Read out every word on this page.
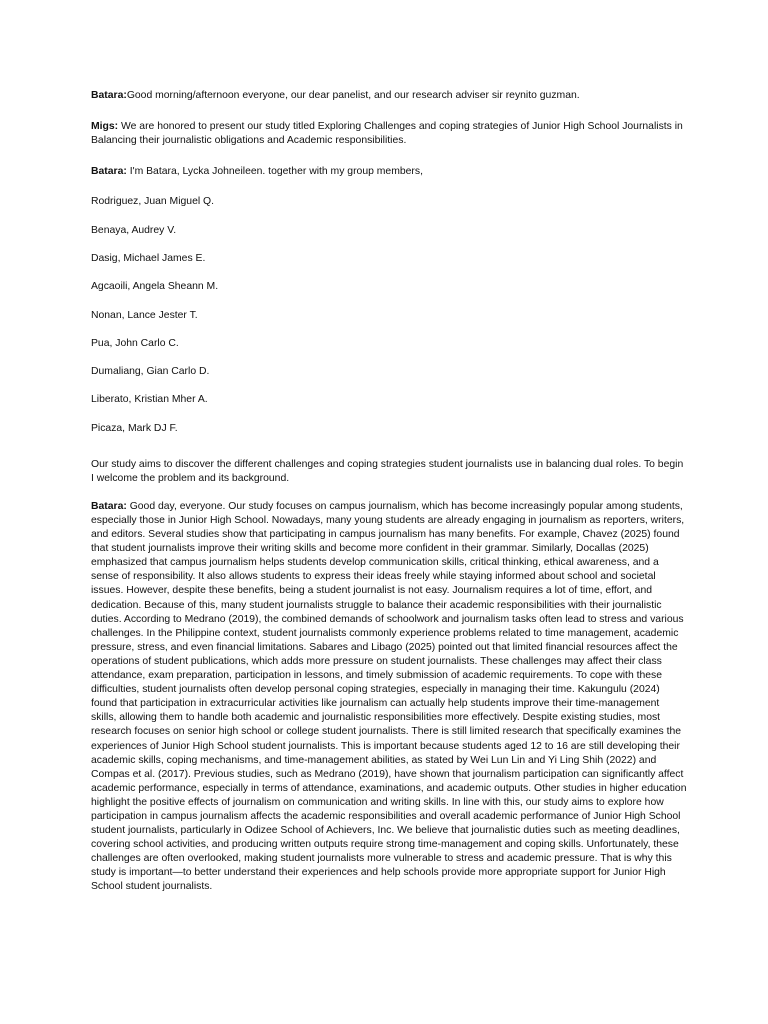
Batara:Good morning/afternoon everyone, our dear panelist, and our research adviser sir reynito guzman.

Migs: We are honored to present our study titled Exploring Challenges and coping strategies of Junior High School Journalists in Balancing their journalistic obligations and Academic responsibilities.

Batara: I'm Batara, Lycka Johneileen. together with my group members,

Rodriguez, Juan Miguel Q.
Benaya, Audrey V.
Dasig, Michael James E.
Agcaoili, Angela Sheann M.
Nonan, Lance Jester T.
Pua, John Carlo C.
Dumaliang, Gian Carlo D.
Liberato, Kristian Mher A.
Picaza, Mark DJ F.

Our study aims to discover the different challenges and coping strategies student journalists use in balancing dual roles. To begin I welcome the problem and its background.

Batara: Good day, everyone. Our study focuses on campus journalism, which has become increasingly popular among students, especially those in Junior High School. Nowadays, many young students are already engaging in journalism as reporters, writers, and editors. Several studies show that participating in campus journalism has many benefits. For example, Chavez (2025) found that student journalists improve their writing skills and become more confident in their grammar. Similarly, Docallas (2025) emphasized that campus journalism helps students develop communication skills, critical thinking, ethical awareness, and a sense of responsibility. It also allows students to express their ideas freely while staying informed about school and societal issues. However, despite these benefits, being a student journalist is not easy. Journalism requires a lot of time, effort, and dedication. Because of this, many student journalists struggle to balance their academic responsibilities with their journalistic duties. According to Medrano (2019), the combined demands of schoolwork and journalism tasks often lead to stress and various challenges. In the Philippine context, student journalists commonly experience problems related to time management, academic pressure, stress, and even financial limitations. Sabares and Libago (2025) pointed out that limited financial resources affect the operations of student publications, which adds more pressure on student journalists. These challenges may affect their class attendance, exam preparation, participation in lessons, and timely submission of academic requirements. To cope with these difficulties, student journalists often develop personal coping strategies, especially in managing their time. Kakungulu (2024) found that participation in extracurricular activities like journalism can actually help students improve their time-management skills, allowing them to handle both academic and journalistic responsibilities more effectively. Despite existing studies, most research focuses on senior high school or college student journalists. There is still limited research that specifically examines the experiences of Junior High School student journalists. This is important because students aged 12 to 16 are still developing their academic skills, coping mechanisms, and time-management abilities, as stated by Wei Lun Lin and Yi Ling Shih (2022) and Compas et al. (2017). Previous studies, such as Medrano (2019), have shown that journalism participation can significantly affect academic performance, especially in terms of attendance, examinations, and academic outputs. Other studies in higher education highlight the positive effects of journalism on communication and writing skills. In line with this, our study aims to explore how participation in campus journalism affects the academic responsibilities and overall academic performance of Junior High School student journalists, particularly in Odizee School of Achievers, Inc. We believe that journalistic duties such as meeting deadlines, covering school activities, and producing written outputs require strong time-management and coping skills. Unfortunately, these challenges are often overlooked, making student journalists more vulnerable to stress and academic pressure. That is why this study is important—to better understand their experiences and help schools provide more appropriate support for Junior High School student journalists.
